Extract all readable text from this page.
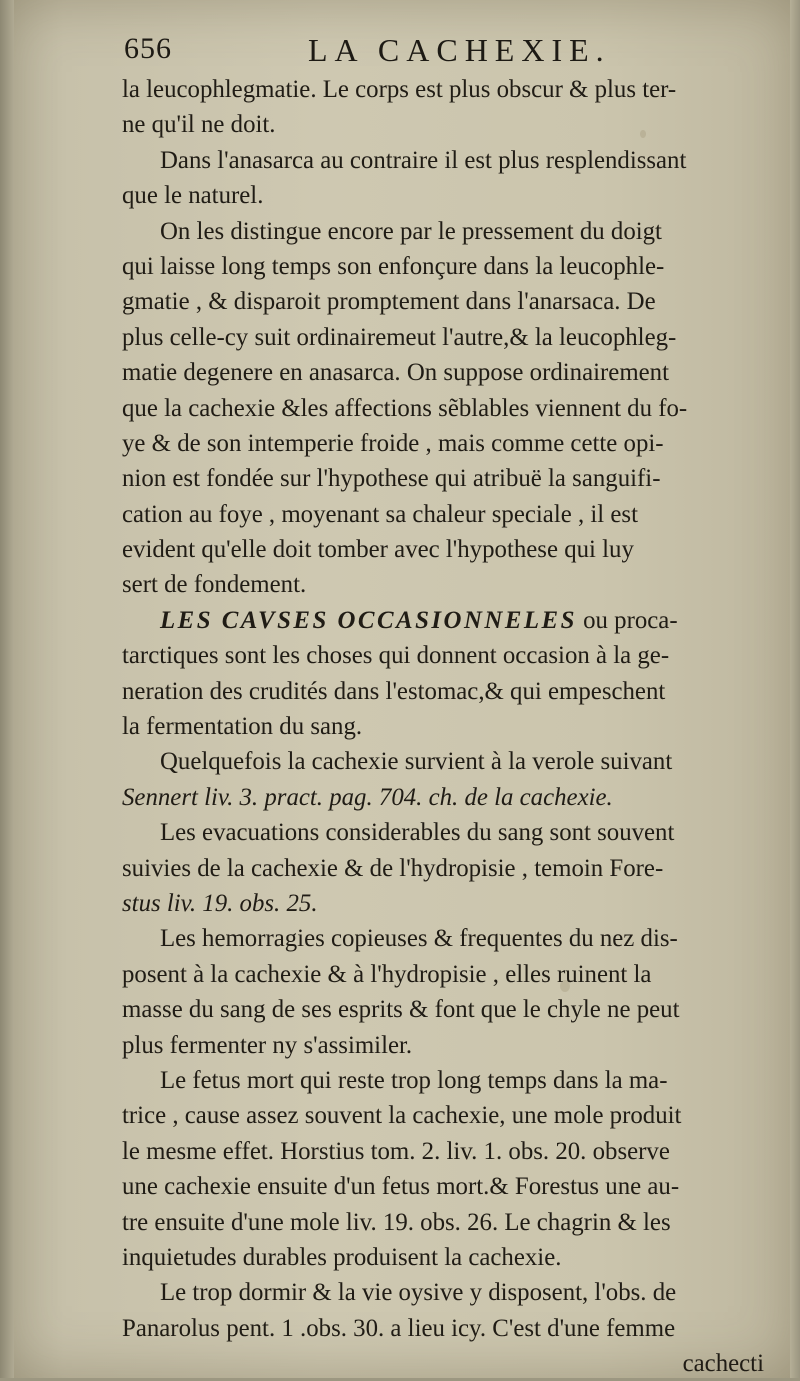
656	LA CACHEXIE.
la leucophlegmatie. Le corps est plus obscur & plus ter-
ne qu'il ne doit.
Dans l'anasarca au contraire il est plus resplendissant
que le naturel.
On les distingue encore par le pressement du doigt
qui laisse long temps son enfonçure dans la leucophle-
gmatie , & disparoit promptement dans l'anarsaca. De
plus celle-cy suit ordinairemeut l'autre,& la leucophleg-
matie degenere en anasarca. On suppose ordinairement
que la cachexie &les affections sẽblables viennent du fo-
ye & de son intemperie froide , mais comme cette opi-
nion est fondée sur l'hypothese qui atribuë la sanguifi-
cation au foye , moyenant sa chaleur speciale , il est
evident qu'elle doit tomber avec l'hypothese qui luy
sert de fondement.
LES CAVSES OCCASIONNELES ou proca-
tarctiques sont les choses qui donnent occasion à la ge-
neration des crudités dans l'estomac,& qui empeschent
la fermentation du sang.
Quelquefois la cachexie survient à la verole suivant
Sennert liv. 3. pract. pag. 704. ch. de la cachexie.
Les evacuations considerables du sang sont souvent
suivies de la cachexie & de l'hydropisie , temoin Fore-
stus liv. 19. obs. 25.
Les hemorragies copieuses & frequentes du nez dis-
posent à la cachexie & à l'hydropisie , elles ruinent la
masse du sang de ses esprits & font que le chyle ne peut
plus fermenter ny s'assimiler.
Le fetus mort qui reste trop long temps dans la ma-
trice , cause assez souvent la cachexie, une mole produit
le mesme effet. Horstius tom. 2. liv. 1. obs. 20. observe
une cachexie ensuite d'un fetus mort.& Forestus une au-
tre ensuite d'une mole liv. 19. obs. 26. Le chagrin & les
inquietudes durables produisent la cachexie.
Le trop dormir & la vie oysive y disposent, l'obs. de
Panarolus pent. 1 .obs. 30. a lieu icy. C'est d'une femme
cachecti
